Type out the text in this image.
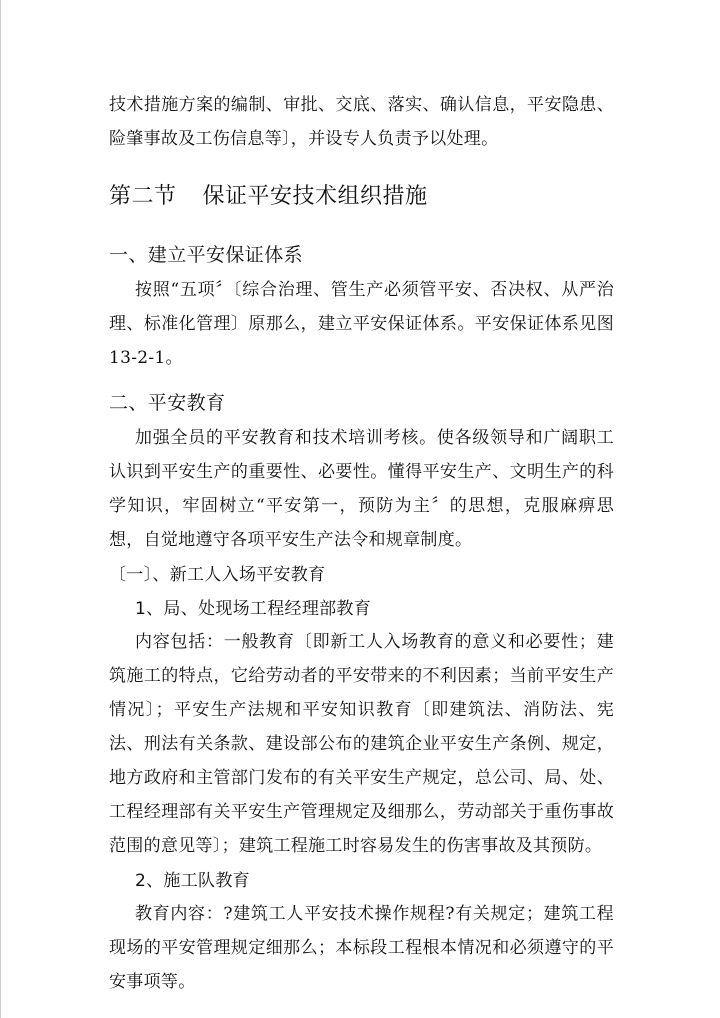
技术措施方案的编制、审批、交底、落实、确认信息，平安隐患、险肇事故及工伤信息等〕，并设专人负责予以处理。

第二节 保证平安技术组织措施
一、建立平安保证体系

按照“五项〞〔综合治理、管生产必须管平安、否决权、从严治理、标准化管理〕原那么，建立平安保证体系。平安保证体系见图 13-2-1。

二、平安教育

加强全员的平安教育和技术培训考核。使各级领导和广阔职工认识到平安生产的重要性、必要性。懂得平安生产、文明生产的科学知识，牢固树立“平安第一，预防为主〞的思想，克服麻痹思想，自觉地遵守各项平安生产法令和规章制度。

〔一〕、新工人入场平安教育
1、局、处现场工程经理部教育

内容包括：一般教育〔即新工人入场教育的意义和必要性；建筑施工的特点，它给劳动者的平安带来的不利因素；当前平安生产情况〕；平安生产法规和平安知识教育〔即建筑法、消防法、宪法、刑法有关条款、建设部公布的建筑企业平安生产条例、规定，地方政府和主管部门发布的有关平安生产规定，总公司、局、处、工程经理部有关平安生产管理规定及细那么，劳动部关于重伤事故范围的意见等〕；建筑工程施工时容易发生的伤害事故及其预防。

2、施工队教育

教育内容：?建筑工人平安技术操作规程?有关规定；建筑工程现场的平安管理规定细那么；本标段工程根本情况和必须遵守的平安事项等。
